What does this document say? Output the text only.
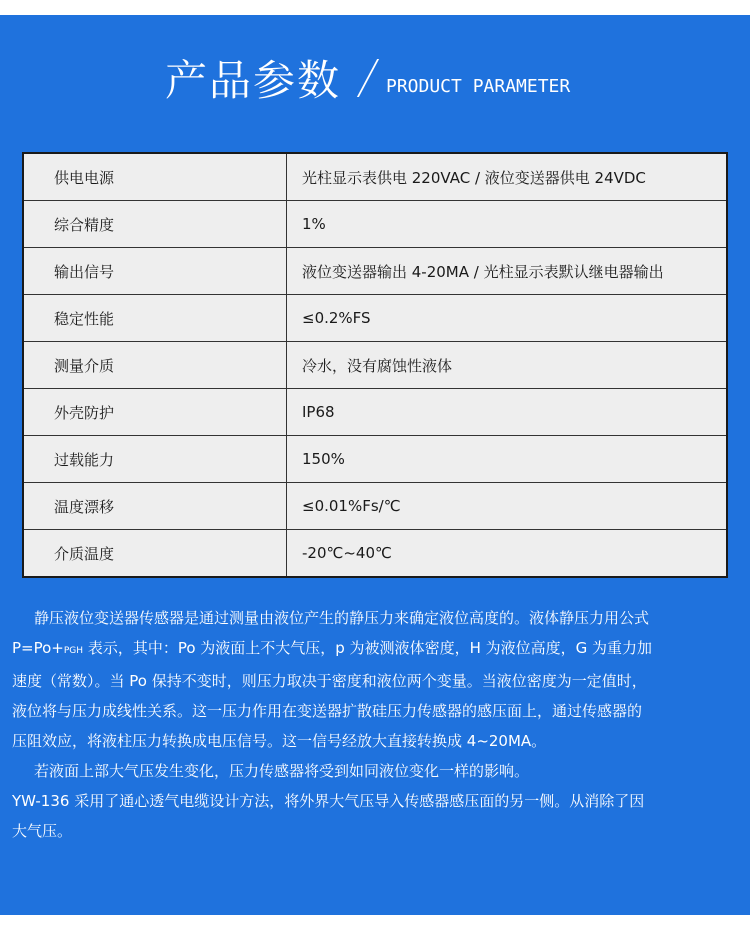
产品参数 PRODUCT PARAMETER
供电电源	光柱显示表供电 220VAC / 液位变送器供电 24VDC
综合精度	1%
输出信号	液位变送器输出 4-20MA / 光柱显示表默认继电器输出
稳定性能	≤0.2%FS
测量介质	冷水，没有腐蚀性液体
外壳防护	IP68
过载能力	150%
温度漂移	≤0.01%Fs/℃
介质温度	-20℃~40℃

静压液位变送器传感器是通过测量由液位产生的静压力来确定液位高度的。液体静压力用公式

P=Po+PGH 表示，其中：Po 为液面上不大气压，p 为被测液体密度，H 为液位高度，G 为重力加

速度（常数）。当 Po 保持不变时，则压力取决于密度和液位两个变量。当液位密度为一定值时，

液位将与压力成线性关系。这一压力作用在变送器扩散硅压力传感器的感压面上，通过传感器的

压阻效应，将液柱压力转换成电压信号。这一信号经放大直接转换成 4~20MA。

若液面上部大气压发生变化，压力传感器将受到如同液位变化一样的影响。

YW-136 采用了通心透气电缆设计方法，将外界大气压导入传感器感压面的另一侧。从消除了因

大气压。
